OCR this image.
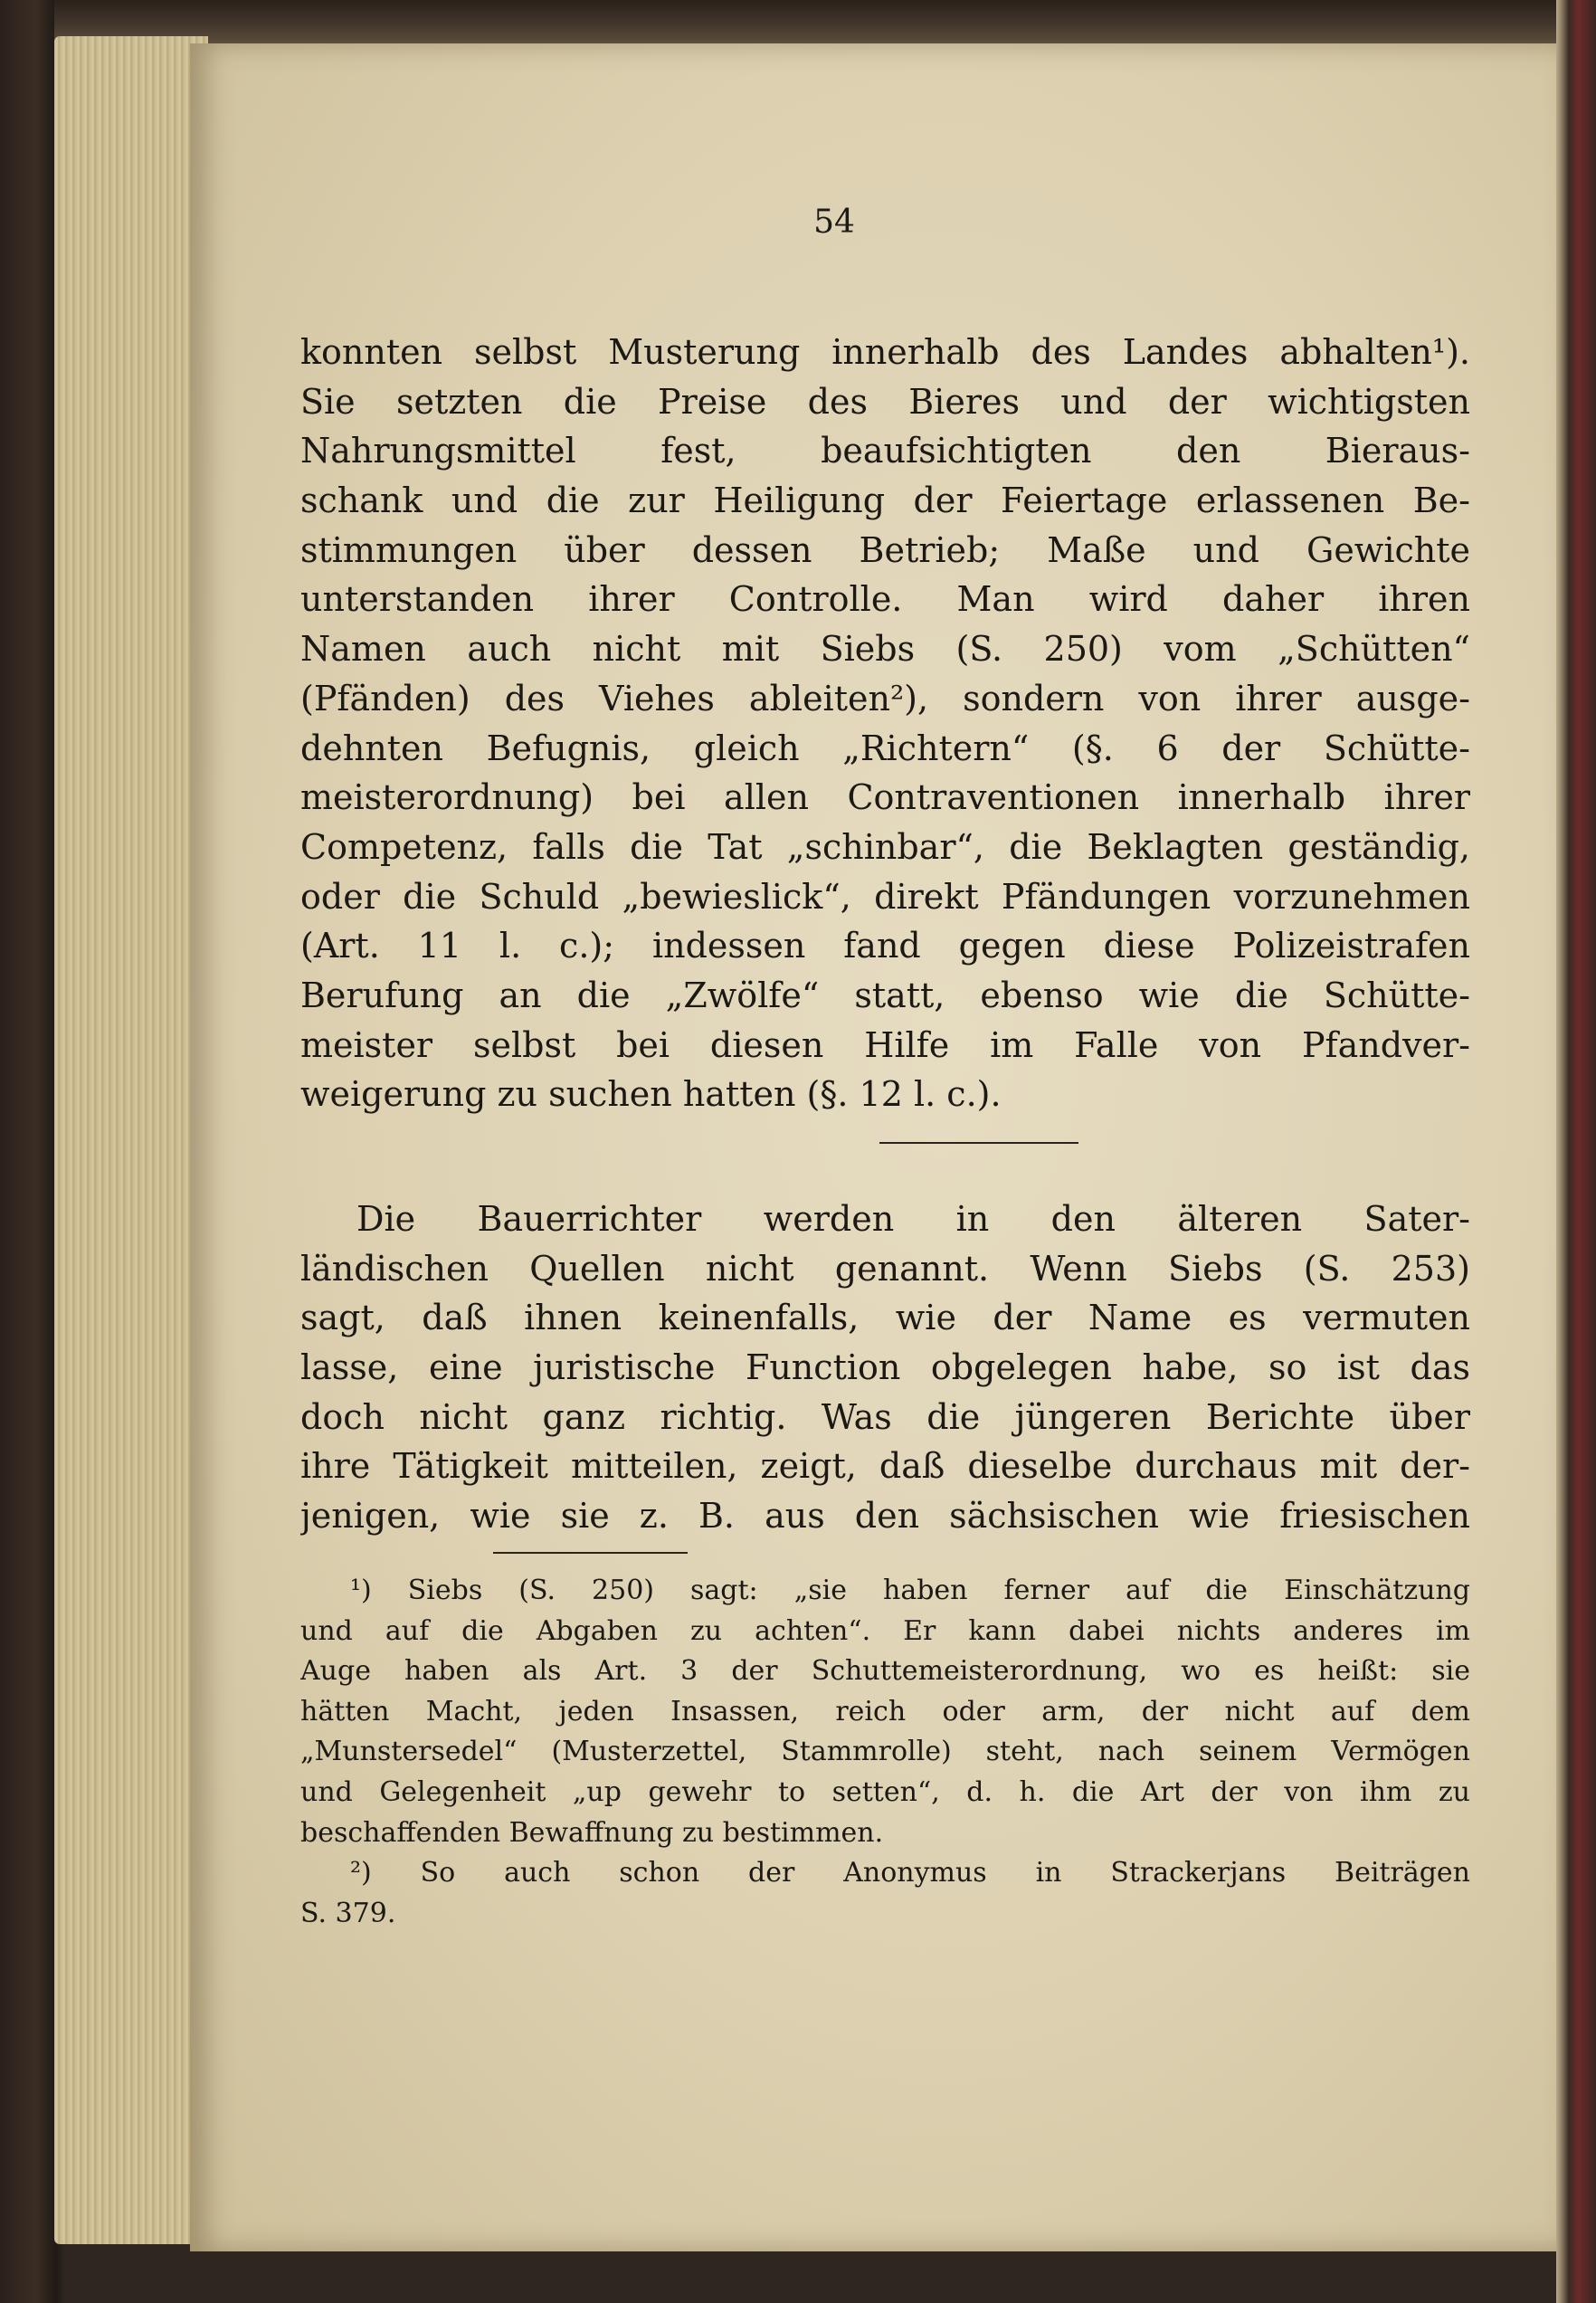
54
konnten selbst Musterung innerhalb des Landes abhalten¹).
Sie setzten die Preise des Bieres und der wichtigsten
Nahrungsmittel fest, beaufsichtigten den Bieraus-
schank und die zur Heiligung der Feiertage erlassenen Be-
stimmungen über dessen Betrieb; Maße und Gewichte
unterstanden ihrer Controlle. Man wird daher ihren
Namen auch nicht mit Siebs (S. 250) vom „Schütten“
(Pfänden) des Viehes ableiten²), sondern von ihrer ausge-
dehnten Befugnis, gleich „Richtern“ (§. 6 der Schütte-
meisterordnung) bei allen Contraventionen innerhalb ihrer
Competenz, falls die Tat „schinbar“, die Beklagten geständig,
oder die Schuld „bewieslick“, direkt Pfändungen vorzunehmen
(Art. 11 l. c.); indessen fand gegen diese Polizeistrafen
Berufung an die „Zwölfe“ statt, ebenso wie die Schütte-
meister selbst bei diesen Hilfe im Falle von Pfandver-
weigerung zu suchen hatten (§. 12 l. c.).
Die Bauerrichter werden in den älteren Sater-
ländischen Quellen nicht genannt. Wenn Siebs (S. 253)
sagt, daß ihnen keinenfalls, wie der Name es vermuten
lasse, eine juristische Function obgelegen habe, so ist das
doch nicht ganz richtig. Was die jüngeren Berichte über
ihre Tätigkeit mitteilen, zeigt, daß dieselbe durchaus mit der-
jenigen, wie sie z. B. aus den sächsischen wie friesischen
¹) Siebs (S. 250) sagt: „sie haben ferner auf die Einschätzung
und auf die Abgaben zu achten“. Er kann dabei nichts anderes im
Auge haben als Art. 3 der Schuttemeisterordnung, wo es heißt: sie
hätten Macht, jeden Insassen, reich oder arm, der nicht auf dem
„Munstersedel“ (Musterzettel, Stammrolle) steht, nach seinem Vermögen
und Gelegenheit „up gewehr to setten“, d. h. die Art der von ihm zu
beschaffenden Bewaffnung zu bestimmen.
²) So auch schon der Anonymus in Strackerjans Beiträgen
S. 379.
